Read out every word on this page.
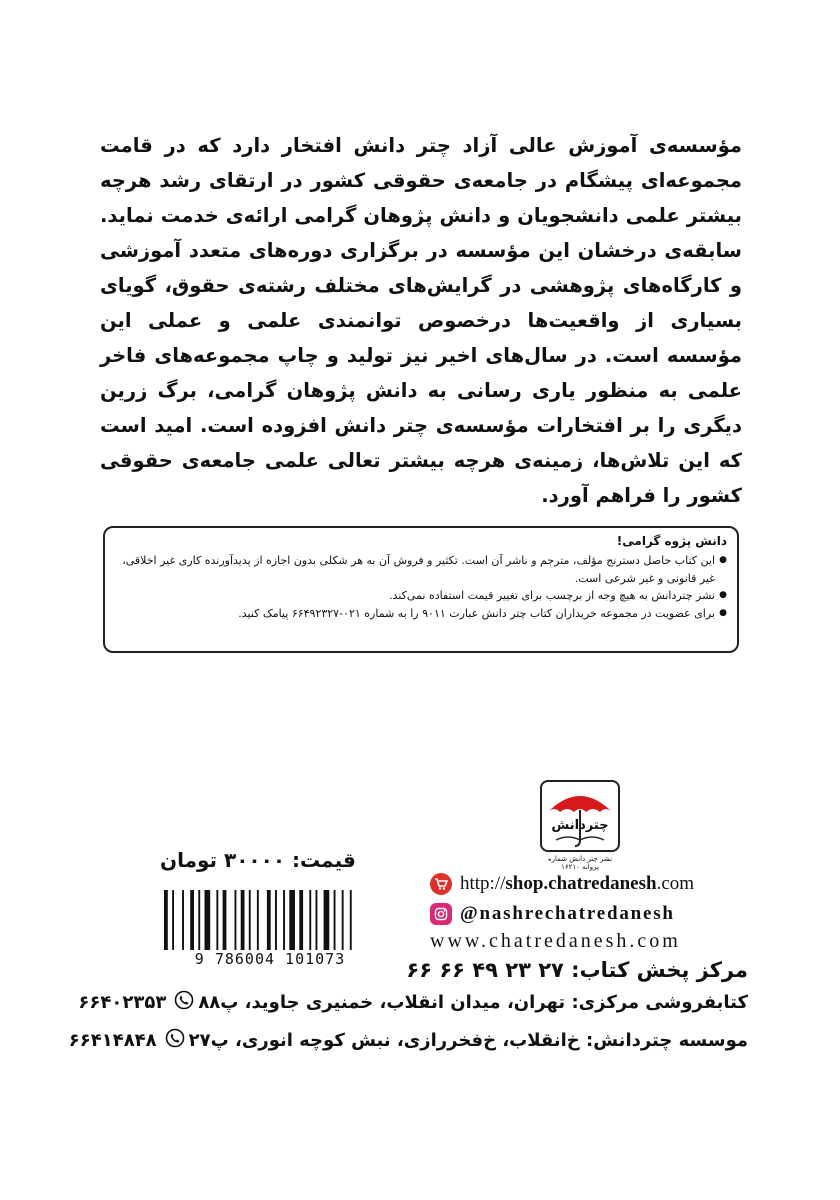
مؤسسه‌ی آموزش عالی آزاد چتر دانش افتخار دارد که در قامت مجموعه‌ای پیشگام در جامعه‌ی حقوقی کشور در ارتقای رشد هرچه بیشتر علمی دانشجویان و دانش پژوهان گرامی ارائه‌ی خدمت نماید. سابقه‌ی درخشان این مؤسسه در برگزاری دوره‌های متعدد آموزشی و کارگاه‌های پژوهشی در گرایش‌های مختلف رشته‌ی حقوق، گویای بسیاری از واقعیت‌ها درخصوص توانمندی علمی و عملی این مؤسسه است. در سال‌های اخیر نیز تولید و چاپ مجموعه‌های فاخر علمی به منظور یاری رسانی به دانش پژوهان گرامی، برگ زرین دیگری را بر افتخارات مؤسسه‌ی چتر دانش افزوده است. امید است که این تلاش‌ها، زمینه‌ی هرچه بیشتر تعالی علمی جامعه‌ی حقوقی کشور را فراهم آورد.

دانش پژوه گرامی!
● این کتاب حاصل دسترنج مؤلف، مترجم و ناشر آن است. تکثیر و فروش آن به هر شکلی بدون اجازه از پدیدآورنده کاری غیر اخلاقی، غیر قانونی و غیر شرعی است.
● نشر چتردانش به هیچ وجه از برچسب برای تغییر قیمت استفاده نمی‌کند.
● برای عضویت در مجموعه خریداران کتاب چتر دانش عبارت ۹۰۱۱ را به شماره ۰۲۱-۶۶۴۹۲۳۲۷ پیامک کنید.
چتردانش
نشر چتر دانش شماره پروانه ۱۶۲۱۰
قیمت: ۳۰۰۰۰ تومان
9 786004 101073
http://shop.chatredanesh.com
@nashrechatredanesh
www.chatredanesh.com
مرکز پخش کتاب: ۲۷ ۲۳ ۴۹ ۶۶ ۶۶
کتابفروشی مرکزی: تهران، میدان انقلاب، خمنیری جاوید، پ۸۸
۶۶۴۰۲۳۵۳
موسسه چتردانش: خ‌انقلاب، خ‌فخررازی، نبش کوچه انوری، پ۲۷
۶۶۴۱۴۸۴۸
